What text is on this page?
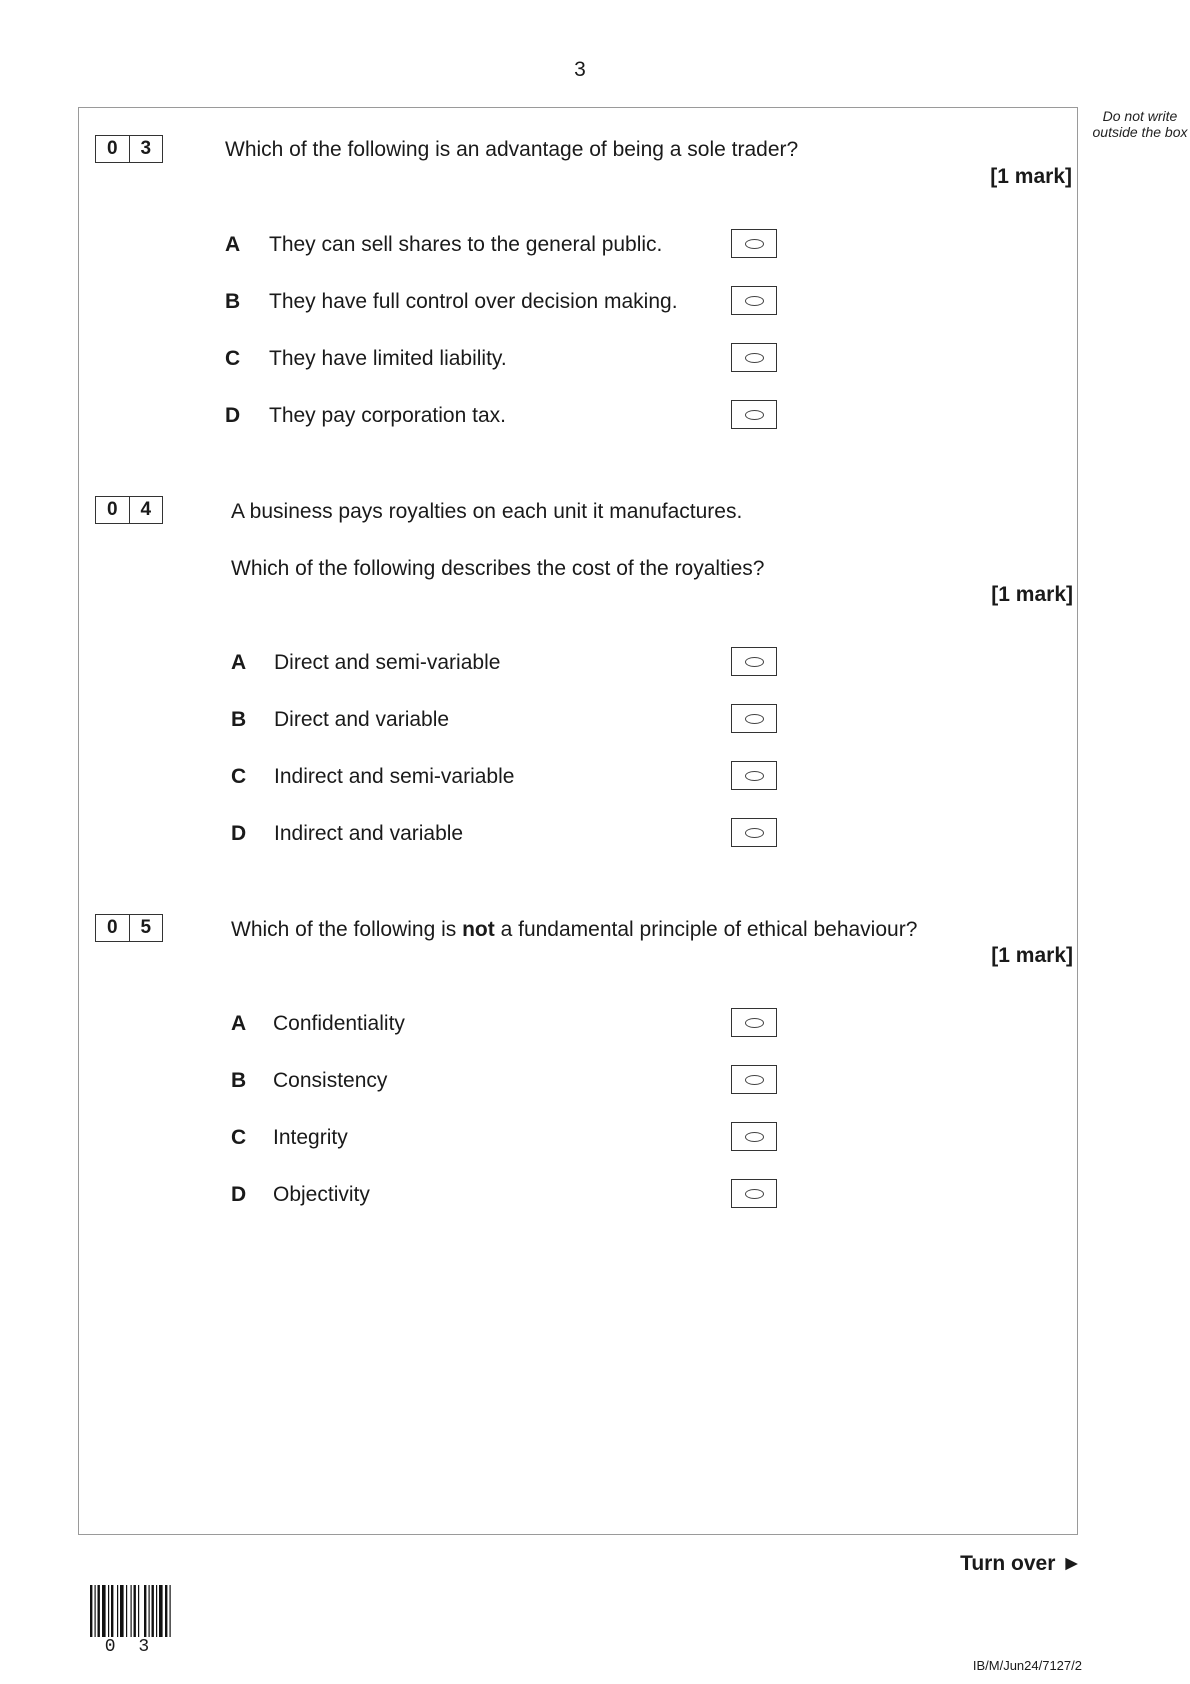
3
Do not write outside the box
0	3	Which of the following is an advantage of being a sole trader?
[1 mark]
A They can sell shares to the general public.
B They have full control over decision making.
C They have limited liability.
D They pay corporation tax.
0	4	A business pays royalties on each unit it manufactures.
Which of the following describes the cost of the royalties?
[1 mark]
A Direct and semi-variable
B Direct and variable
C Indirect and semi-variable
D Indirect and variable
0	5	Which of the following is not a fundamental principle of ethical behaviour?
[1 mark]
A Confidentiality
B Consistency
C Integrity
D Objectivity
Turn over ►
0 3
IB/M/Jun24/7127/2
